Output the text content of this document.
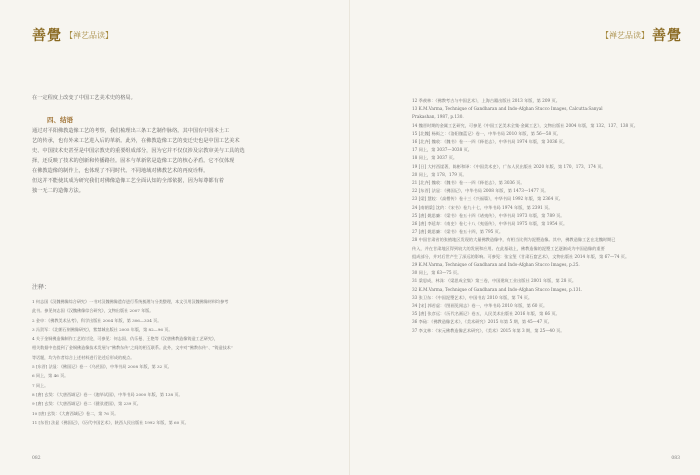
善覺 【禅艺品读】
在一定程度上改变了中国工艺美术史的格局。
四、结语
通过对平阳佛教造像工艺的考察，我们梳理出三条工艺制作脉络。其中国有中国本土工
艺的传承，也有外来工艺进入后的革新。此外，在佛教造像工艺的变迁史也是中国工艺美术
史、中国技术史甚至是中国宗教史的重要组成部分，因为它并不仅仅涉及宗教审美与工具的选
择，还反映了技术的创新和传播路径。固本与革新常是造像工艺的核心矛盾。它不仅体现
在佛教造像的制作上，也体现了不同时代、不同地域对佛教艺术的再度诠释。
但这并不能使其成为研究我们对佛像造像工艺全面认知的全部依据，因为每尊都有着
独一无二的造像方法。
注释：
1 何志国《汉魏佛像综合研究》一书对汉魏佛像遗存进行系统梳理与分类整理，本文引用汉魏佛像材料均参考
此书。参见何志国《汉魏佛像综合研究》，文物出版社 2007 年版。
2 金申：《佛教美术丛考》，科学出版社 2004 年版，第 306—334 页。
3 冯贺军：《北朝石刻佛像研究》，紫禁城出版社 2005 年版，第 82—96 页。
4 关于金铜佛造像制作工艺的讨论，可参见：何志国、仇乐曼、王艳等《汉唐佛教造像铸造工艺研究》，
相关数据中也提到了金铜佛造像技术发展与“佛教东传”之间的相互联系。此外，文中对“佛教东传”、“铸造技术”
等话题，均为作者综合上述材料进行论述后形成的观点。
5 [东晋] 法显：《佛国记》卷一《乌苌国》，中华书局 2008 年版，第 32 页。
6 同上，第 46 页。
7 同上。
8 [唐] 玄奘：《大唐西域记》卷一《迦毕试国》，中华书局 2000 年版，第 138 页。
9 [唐] 玄奘：《大唐西域记》卷二《健驮逻国》，第 239 页。
10 [唐] 玄奘：《大唐西域记》卷二，第 76 页。
11 [东晋] 法显《佛国记》，《历代中国艺术》，陕西人民出版社 1992 年版，第 60 页。
082
【禅艺品读】 善覺
083
12 季羡林：《佛教考古与中国艺术》，上海古籍出版社 2013 年版，第 209 页。
13 K.M.Varma, Technique of Gandharan and Indo-Afghan Stucco Images, Calcutta:Sanyal
Prakashan, 1987, p.130.
14 魏晋时期的金属工艺研究，可参见《中国工艺美术全集·金属工艺》，文物出版社 2004 年版，第 132、137、138 页。
15 [北魏] 杨衒之：《洛阳伽蓝记》卷一，中华书局 2010 年版，第 56—58 页。
16 [北齐] 魏收：《魏书》卷一一四《释老志》，中华书局 1974 年版，第 3036 页。
17 同上，第 3037—3038 页。
18 同上，第 3037 页。
19 [日] 大村西崖著，陈彬和译：《中国美术史》，广东人民出版社 2020 年版，第 170、173、174 页。
20 同上，第 178、179 页。
21 [北齐] 魏收：《魏书》卷一一四《释老志》，第 3036 页。
22 [东晋] 法显：《佛国记》，中华书局 2008 年版，第 1473—1477 页。
23 [梁] 慧皎：《高僧传》卷十三《兴福篇》，中华书局 1992 年版，第 2364 页。
24 [南朝梁] 沈约：《宋书》卷九十七，中华书局 1974 年版，第 2391 页。
25 [唐] 姚思廉：《梁书》卷五十四《诸夷传》，中华书局 1973 年版，第 789 页。
26 [唐] 李延寿：《南史》卷七十八《夷貊传》，中华书局 1975 年版，第 1954 页。
27 [唐] 姚思廉：《梁书》卷五十四，第 795 页。
28 中国甘肃省的张掖地区发现的大量佛教造像中，有相当比例为泥塑造像。其中，佛教造像工艺在北魏时期已
传入，并在甘肃地区得到较大的发展和应用。在此基础上，佛教造像的泥塑工艺逐渐成为中国造像的重要
组成部分，并对后世产生了深远的影响。可参见：张宝玺《甘肃石窟艺术》，文物出版社 2014 年版，第 67—74 页。
29 K.M.Varma, Technique of Gandharan and Indo-Afghan Stucco Images, p.25.
30 同上，第 63—75 页。
31 梁思成，林洙：《梁思成全集》第三卷，中国建筑工业出版社 2001 年版，第 28 页。
32 K.M.Varma, Technique of Gandharan and Indo-Afghan Stucco Images, p.131.
33 张卫东：《中国泥塑艺术》，中国书店 2010 年版，第 74 页。
34 [宋] 郭若虚：《图画见闻志》卷一，中华书局 2010 年版，第 60 页。
35 [唐] 张彦远：《历代名画记》卷五，人民美术出版社 2016 年版，第 66 页。
36 李砧：《佛教造像艺术》，《美术研究》2015 年第 5 期，第 45—47 页。
37 李文林：《宋元佛教造像艺术研究》，《美术》2015 年第 3 期，第 25—40 页。
